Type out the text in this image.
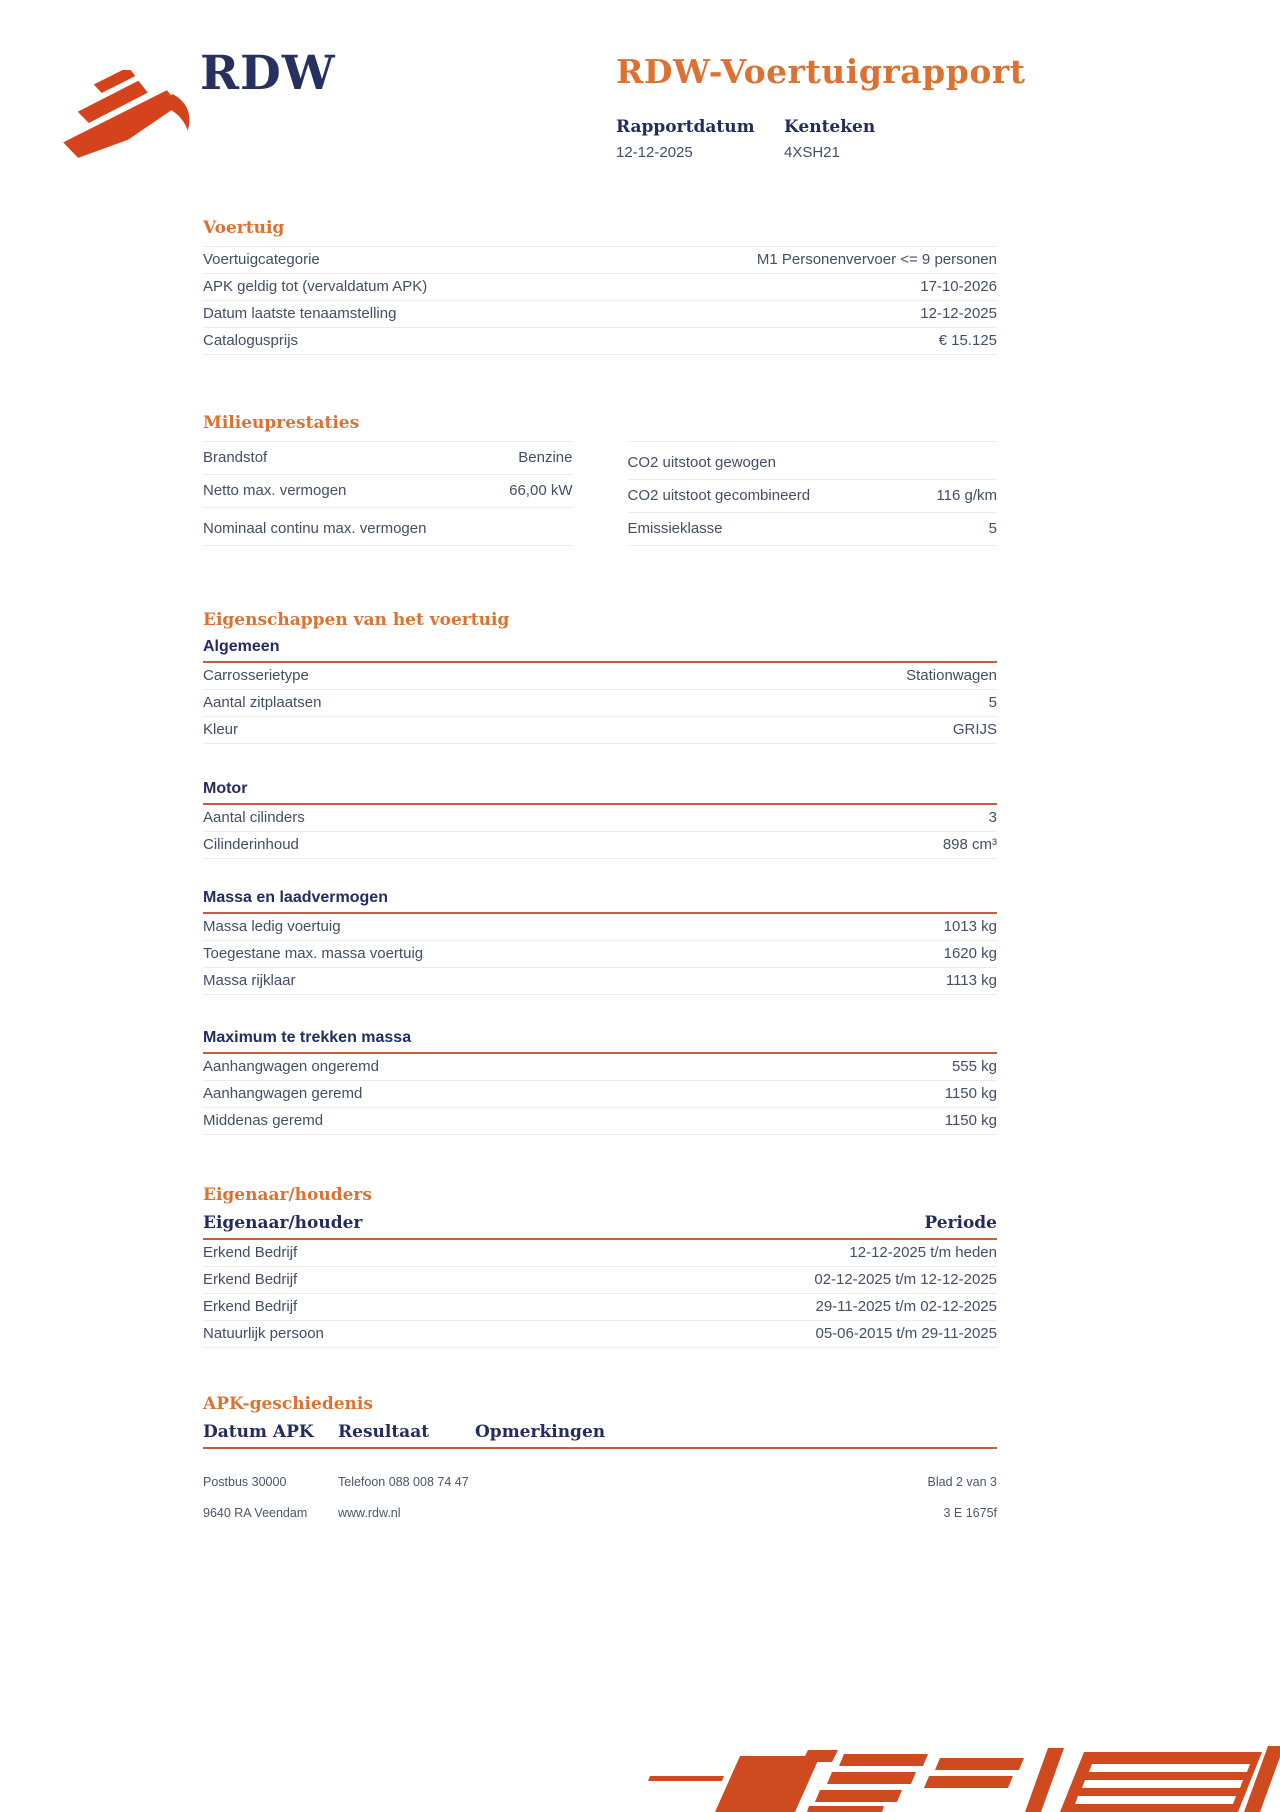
RDW	RDW-Voertuigrapport
Rapportdatum
12-12-2025
Kenteken
4XSH21
Voertuig
Voertuigcategorie	M1 Personenvervoer <= 9 personen
APK geldig tot (vervaldatum APK)	17-10-2026
Datum laatste tenaamstelling	12-12-2025
Catalogusprijs	€ 15.125
Milieuprestaties
Brandstof	Benzine
Netto max. vermogen	66,00 kW
Nominaal continu max. vermogen
CO2 uitstoot gewogen
CO2 uitstoot gecombineerd	116 g/km
Emissieklasse	5
Eigenschappen van het voertuig
Algemeen
Carrosserietype	Stationwagen
Aantal zitplaatsen	5
Kleur	GRIJS
Motor
Aantal cilinders	3
Cilinderinhoud	898 cm³
Massa en laadvermogen
Massa ledig voertuig	1013 kg
Toegestane max. massa voertuig	1620 kg
Massa rijklaar	1113 kg
Maximum te trekken massa
Aanhangwagen ongeremd	555 kg
Aanhangwagen geremd	1150 kg
Middenas geremd	1150 kg
Eigenaar/houders
Eigenaar/houder	Periode
Erkend Bedrijf	12-12-2025 t/m heden
Erkend Bedrijf	02-12-2025 t/m 12-12-2025
Erkend Bedrijf	29-11-2025 t/m 02-12-2025
Natuurlijk persoon	05-06-2015 t/m 29-11-2025
APK-geschiedenis
Datum APK	Resultaat	Opmerkingen
Postbus 30000	Telefoon 088 008 74 47	Blad 2 van 3
9640 RA Veendam	www.rdw.nl	3 E 1675f
